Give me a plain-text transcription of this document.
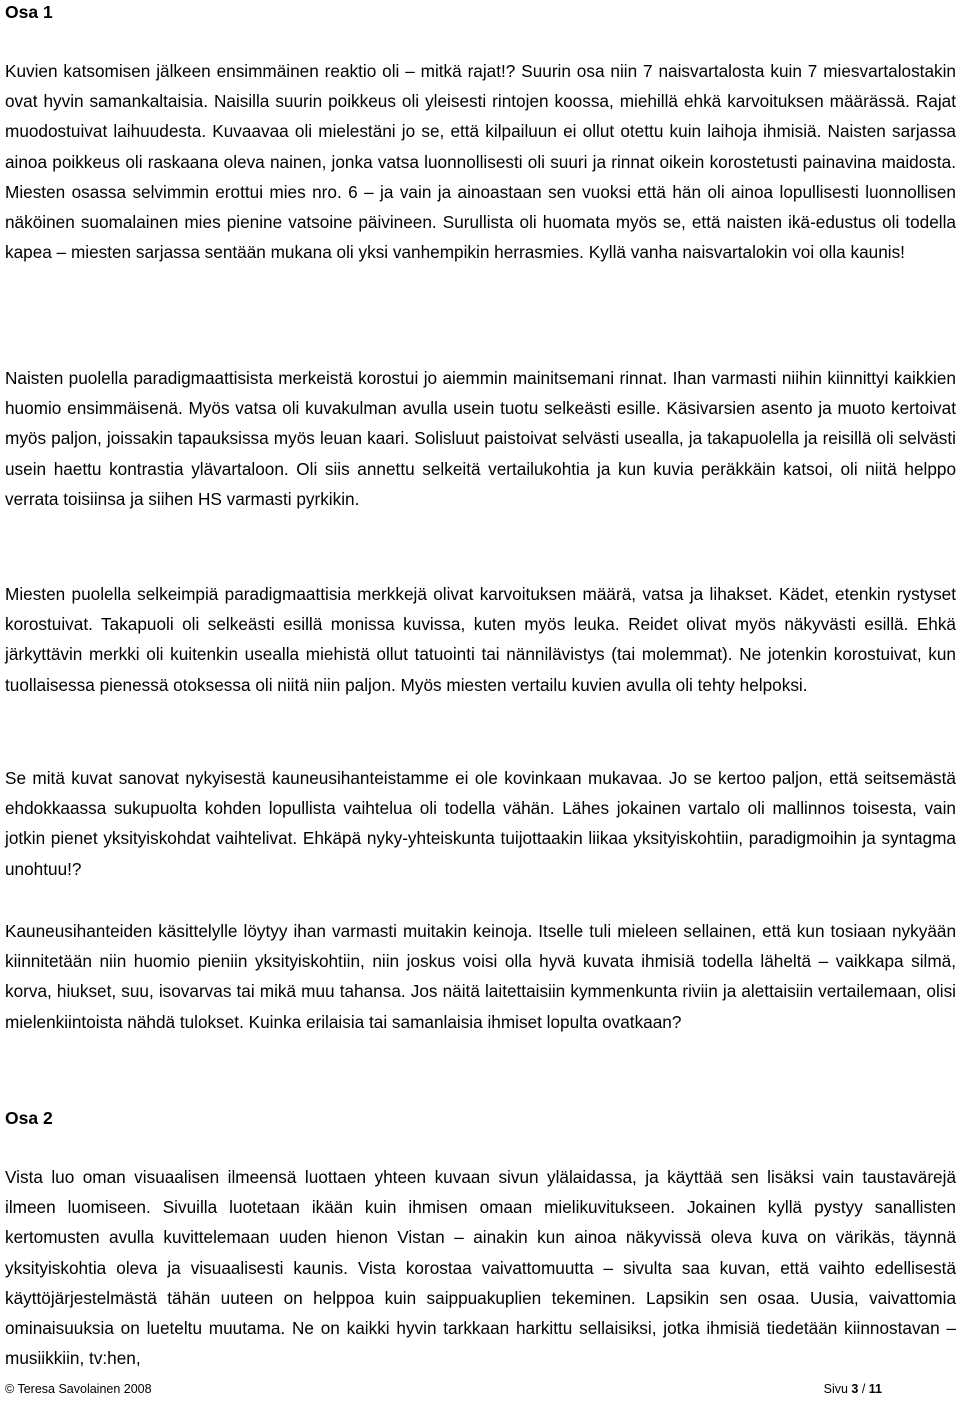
Osa 1

Kuvien katsomisen jälkeen ensimmäinen reaktio oli – mitkä rajat!? Suurin osa niin 7 naisvartalosta kuin 7 miesvartalostakin ovat hyvin samankaltaisia. Naisilla suurin poikkeus oli yleisesti rintojen koossa, miehillä ehkä karvoituksen määrässä. Rajat muodostuivat laihuudesta. Kuvaavaa oli mielestäni jo se, että kilpailuun ei ollut otettu kuin laihoja ihmisiä. Naisten sarjassa ainoa poikkeus oli raskaana oleva nainen, jonka vatsa luonnollisesti oli suuri ja rinnat oikein korostetusti painavina maidosta. Miesten osassa selvimmin erottui mies nro. 6 – ja vain ja ainoastaan sen vuoksi että hän oli ainoa lopullisesti luonnollisen näköinen suomalainen mies pienine vatsoine päivineen. Surullista oli huomata myös se, että naisten ikä-edustus oli todella kapea – miesten sarjassa sentään mukana oli yksi vanhempikin herrasmies. Kyllä vanha naisvartalokin voi olla kaunis!

Naisten puolella paradigmaattisista merkeistä korostui jo aiemmin mainitsemani rinnat. Ihan varmasti niihin kiinnittyi kaikkien huomio ensimmäisenä. Myös vatsa oli kuvakulman avulla usein tuotu selkeästi esille. Käsivarsien asento ja muoto kertoivat myös paljon, joissakin tapauksissa myös leuan kaari. Solisluut paistoivat selvästi usealla, ja takapuolella ja reisillä oli selvästi usein haettu kontrastia ylävartaloon. Oli siis annettu selkeitä vertailukohtia ja kun kuvia peräkkäin katsoi, oli niitä helppo verrata toisiinsa ja siihen HS varmasti pyrkikin.

Miesten puolella selkeimpiä paradigmaattisia merkkejä olivat karvoituksen määrä, vatsa ja lihakset. Kädet, etenkin rystyset korostuivat. Takapuoli oli selkeästi esillä monissa kuvissa, kuten myös leuka. Reidet olivat myös näkyvästi esillä. Ehkä järkyttävin merkki oli kuitenkin usealla miehistä ollut tatuointi tai nännilävistys (tai molemmat). Ne jotenkin korostuivat, kun tuollaisessa pienessä otoksessa oli niitä niin paljon. Myös miesten vertailu kuvien avulla oli tehty helpoksi.

Se mitä kuvat sanovat nykyisestä kauneusihanteistamme ei ole kovinkaan mukavaa. Jo se kertoo paljon, että seitsemästä ehdokkaassa sukupuolta kohden lopullista vaihtelua oli todella vähän. Lähes jokainen vartalo oli mallinnos toisesta, vain jotkin pienet yksityiskohdat vaihtelivat. Ehkäpä nyky-yhteiskunta tuijottaakin liikaa yksityiskohtiin, paradigmoihin ja syntagma unohtuu!?

Kauneusihanteiden käsittelylle löytyy ihan varmasti muitakin keinoja. Itselle tuli mieleen sellainen, että kun tosiaan nykyään kiinnitetään niin huomio pieniin yksityiskohtiin, niin joskus voisi olla hyvä kuvata ihmisiä todella läheltä – vaikkapa silmä, korva, hiukset, suu, isovarvas tai mikä muu tahansa. Jos näitä laitettaisiin kymmenkunta riviin ja alettaisiin vertailemaan, olisi mielenkiintoista nähdä tulokset. Kuinka erilaisia tai samanlaisia ihmiset lopulta ovatkaan?

Osa 2

Vista luo oman visuaalisen ilmeensä luottaen yhteen kuvaan sivun ylälaidassa, ja käyttää sen lisäksi vain taustavärejä ilmeen luomiseen. Sivuilla luotetaan ikään kuin ihmisen omaan mielikuvitukseen. Jokainen kyllä pystyy sanallisten kertomusten avulla kuvittelemaan uuden hienon Vistan – ainakin kun ainoa näkyvissä oleva kuva on värikäs, täynnä yksityiskohtia oleva ja visuaalisesti kaunis. Vista korostaa vaivattomuutta – sivulta saa kuvan, että vaihto edellisestä käyttöjärjestelmästä tähän uuteen on helppoa kuin saippuakuplien tekeminen. Lapsikin sen osaa. Uusia, vaivattomia ominaisuuksia on lueteltu muutama. Ne on kaikki hyvin tarkkaan harkittu sellaisiksi, jotka ihmisiä tiedetään kiinnostavan – musiikkiin, tv:hen,

© Teresa Savolainen 2008	Sivu 3 / 11
